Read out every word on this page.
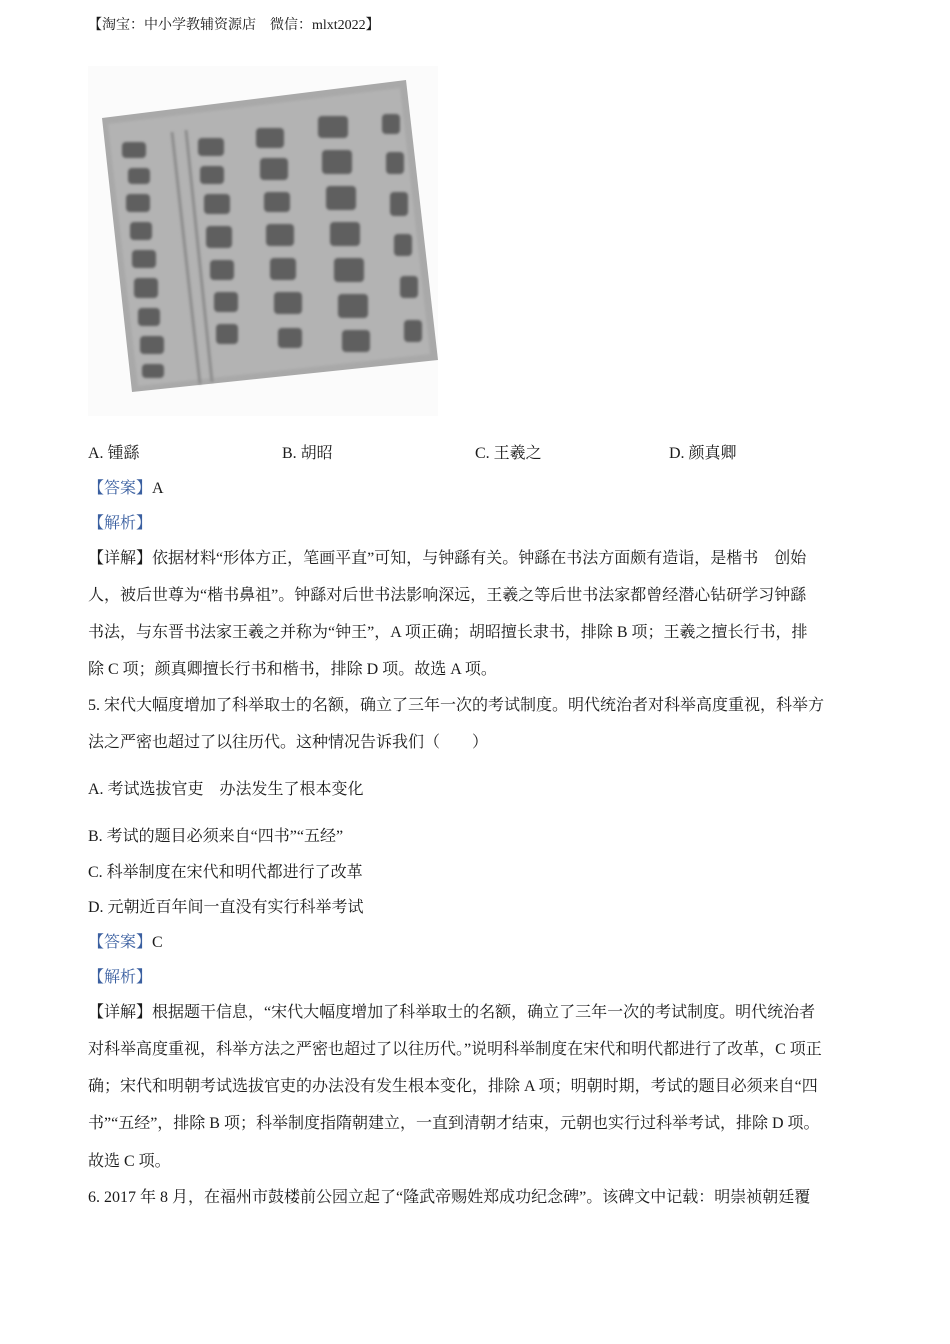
【淘宝：中小学教辅资源店　微信：mlxt2022】
A. 锺繇	B. 胡昭	C. 王羲之	D. 颜真卿
【答案】A
【解析】
【详解】依据材料“形体方正，笔画平直”可知，与钟繇有关。钟繇在书法方面颇有造诣，是楷书　创始
人，被后世尊为“楷书鼻祖”。钟繇对后世书法影响深远，王羲之等后世书法家都曾经潜心钻研学习钟繇
书法，与东晋书法家王羲之并称为“钟王”，A 项正确；胡昭擅长隶书，排除 B 项；王羲之擅长行书，排
除 C 项；颜真卿擅长行书和楷书，排除 D 项。故选 A 项。
5. 宋代大幅度增加了科举取士的名额，确立了三年一次的考试制度。明代统治者对科举高度重视，科举方
法之严密也超过了以往历代。这种情况告诉我们（　　）
A. 考试选拔官吏　办法发生了根本变化
B. 考试的题目必须来自“四书”“五经”
C. 科举制度在宋代和明代都进行了改革
D. 元朝近百年间一直没有实行科举考试
【答案】C
【解析】
【详解】根据题干信息，“宋代大幅度增加了科举取士的名额，确立了三年一次的考试制度。明代统治者
对科举高度重视，科举方法之严密也超过了以往历代。”说明科举制度在宋代和明代都进行了改革，C 项正
确；宋代和明朝考试选拔官吏的办法没有发生根本变化，排除 A 项；明朝时期，考试的题目必须来自“四
书”“五经”，排除 B 项；科举制度指隋朝建立，一直到清朝才结束，元朝也实行过科举考试，排除 D 项。
故选 C 项。
6. 2017 年 8 月，在福州市鼓楼前公园立起了“隆武帝赐姓郑成功纪念碑”。该碑文中记载：明崇祯朝廷覆
